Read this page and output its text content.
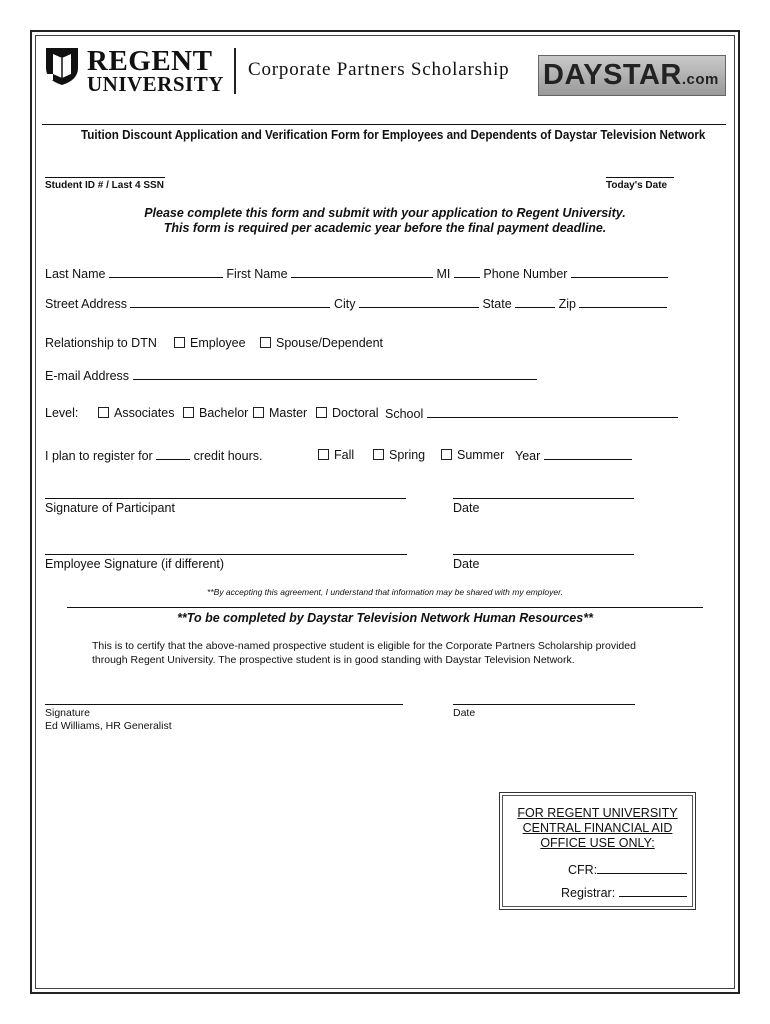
REGENT
UNIVERSITY
Corporate Partners Scholarship DAYSTAR.com
Tuition Discount Application and Verification Form for Employees and Dependents of Daystar Television Network
Student ID # / Last 4 SSN	Today's Date
Please complete this form and submit with your application to Regent University.
This form is required per academic year before the final payment deadline.
Last Name	First Name	MI	Phone Number
Street Address	City	State	Zip
Relationship to DTN	Employee	Spouse/Dependent
E-mail Address
Level:	Associates	Bachelor	Master	Doctoral School
I plan to register for	credit hours.	Fall	Spring	Summer Year
Signature of Participant	Date
Employee Signature (if different)	Date
**By accepting this agreement, I understand that information may be shared with my employer.
**To be completed by Daystar Television Network Human Resources**
This is to certify that the above-named prospective student is eligible for the Corporate Partners Scholarship provided
through Regent University. The prospective student is in good standing with Daystar Television Network.
Signature
Ed Williams, HR Generalist
Date
FOR REGENT UNIVERSITY
CENTRAL FINANCIAL AID
OFFICE USE ONLY:
CFR:
Registrar:
